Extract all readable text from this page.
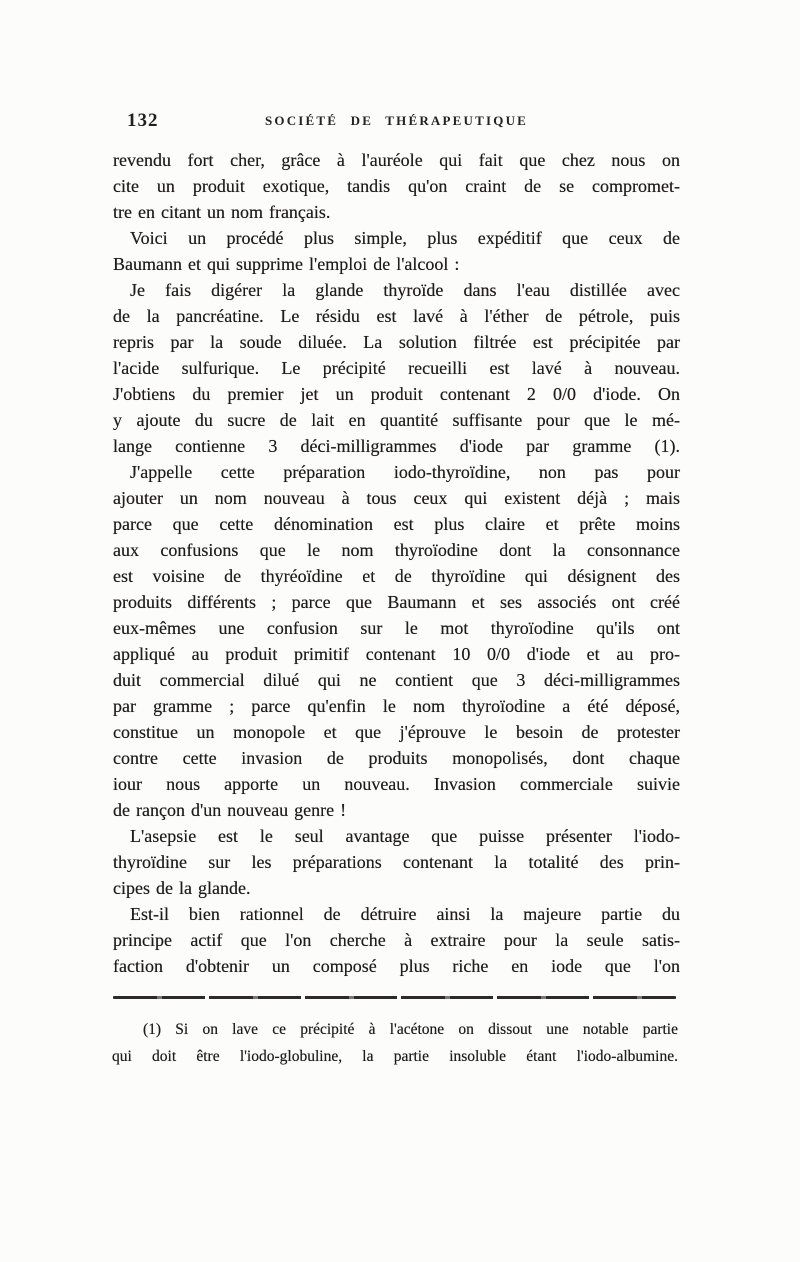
132	SOCIÉTÉ DE THÉRAPEUTIQUE
revendu fort cher, grâce à l'auréole qui fait que chez nous on
cite un produit exotique, tandis qu'on craint de se compromet-
tre en citant un nom français.
Voici un procédé plus simple, plus expéditif que ceux de
Baumann et qui supprime l'emploi de l'alcool :
Je fais digérer la glande thyroïde dans l'eau distillée avec
de la pancréatine. Le résidu est lavé à l'éther de pétrole, puis
repris par la soude diluée. La solution filtrée est précipitée par
l'acide sulfurique. Le précipité recueilli est lavé à nouveau.
J'obtiens du premier jet un produit contenant 2 0/0 d'iode. On
y ajoute du sucre de lait en quantité suffisante pour que le mé-
lange contienne 3 déci-milligrammes d'iode par gramme (1).
J'appelle cette préparation iodo-thyroïdine, non pas pour
ajouter un nom nouveau à tous ceux qui existent déjà ; mais
parce que cette dénomination est plus claire et prête moins
aux confusions que le nom thyroïodine dont la consonnance
est voisine de thyréoïdine et de thyroïdine qui désignent des
produits différents ; parce que Baumann et ses associés ont créé
eux-mêmes une confusion sur le mot thyroïodine qu'ils ont
appliqué au produit primitif contenant 10 0/0 d'iode et au pro-
duit commercial dilué qui ne contient que 3 déci-milligrammes
par gramme ; parce qu'enfin le nom thyroïodine a été déposé,
constitue un monopole et que j'éprouve le besoin de protester
contre cette invasion de produits monopolisés, dont chaque
iour nous apporte un nouveau. Invasion commerciale suivie
de rançon d'un nouveau genre !
L'asepsie est le seul avantage que puisse présenter l'iodo-
thyroïdine sur les préparations contenant la totalité des prin-
cipes de la glande.
Est-il bien rationnel de détruire ainsi la majeure partie du
principe actif que l'on cherche à extraire pour la seule satis-
faction d'obtenir un composé plus riche en iode que l'on
(1) Si on lave ce précipité à l'acétone on dissout une notable partie
qui doit être l'iodo-globuline, la partie insoluble étant l'iodo-albumine.
